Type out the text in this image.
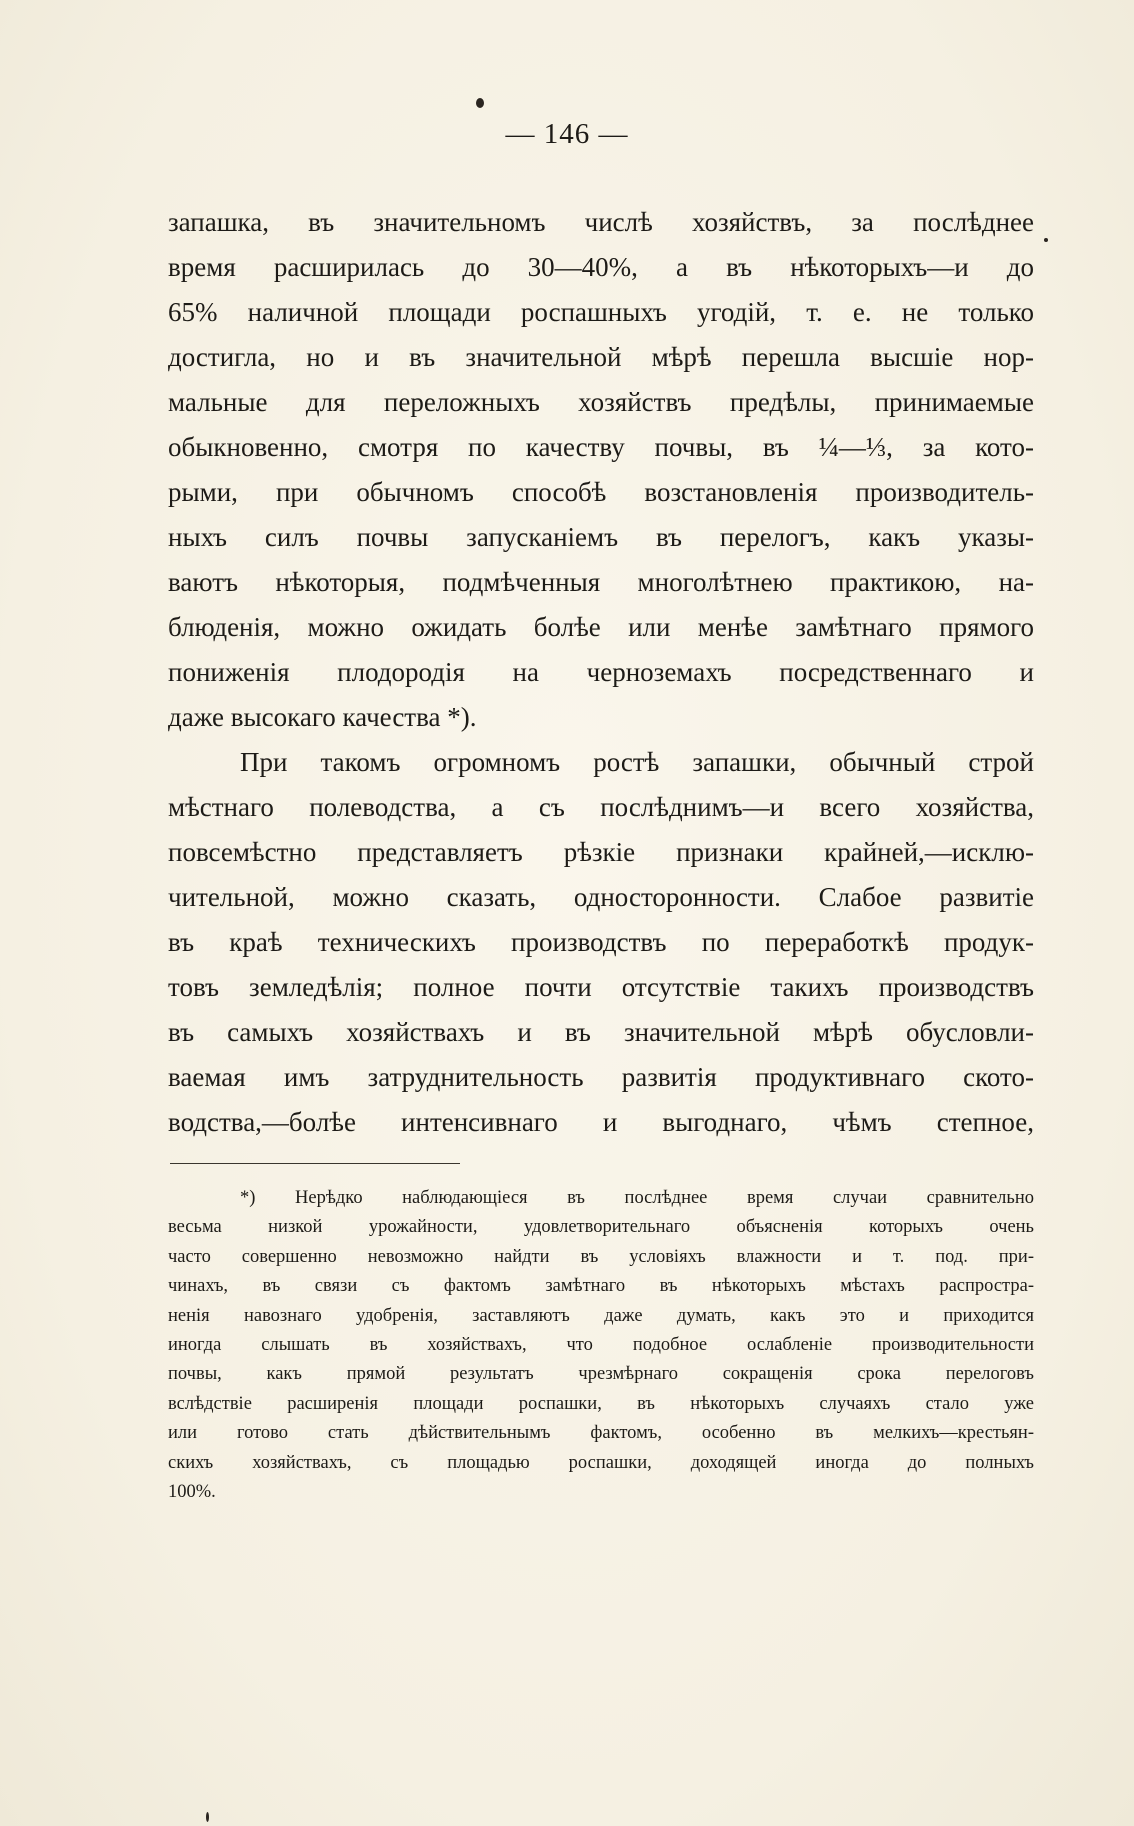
— 146 —
запашка, въ значительномъ числѣ хозяйствъ, за послѣднее
время расширилась до 30—40%, а въ нѣкоторыхъ—и до
65% наличной площади роспашныхъ угодій, т. е. не только
достигла, но и въ значительной мѣрѣ перешла высшіе нор-
мальные для переложныхъ хозяйствъ предѣлы, принимаемые
обыкновенно, смотря по качеству почвы, въ ¼—⅓, за кото-
рыми, при обычномъ способѣ возстановленія производитель-
ныхъ силъ почвы запусканіемъ въ перелогъ, какъ указы-
ваютъ нѣкоторыя, подмѣченныя многолѣтнею практикою, на-
блюденія, можно ожидать болѣе или менѣе замѣтнаго прямого
пониженія плодородія на черноземахъ посредственнаго и
даже высокаго качества *).
При такомъ огромномъ ростѣ запашки, обычный строй
мѣстнаго полеводства, а съ послѣднимъ—и всего хозяйства,
повсемѣстно представляетъ рѣзкіе признаки крайней,—исклю-
чительной, можно сказать, односторонности. Слабое развитіе
въ краѣ техническихъ производствъ по переработкѣ продук-
товъ земледѣлія; полное почти отсутствіе такихъ производствъ
въ самыхъ хозяйствахъ и въ значительной мѣрѣ обусловли-
ваемая имъ затруднительность развитія продуктивнаго ското-
водства,—болѣе интенсивнаго и выгоднаго, чѣмъ степное,
*) Нерѣдко наблюдающіеся въ послѣднее время случаи сравнительно
весьма низкой урожайности, удовлетворительнаго объясненія которыхъ очень
часто совершенно невозможно найдти въ условіяхъ влажности и т. под. при-
чинахъ, въ связи съ фактомъ замѣтнаго въ нѣкоторыхъ мѣстахъ распростра-
ненія навознаго удобренія, заставляютъ даже думать, какъ это и приходится
иногда слышать въ хозяйствахъ, что подобное ослабленіе производительности
почвы, какъ прямой результатъ чрезмѣрнаго сокращенія срока перелоговъ
вслѣдствіе расширенія площади роспашки, въ нѣкоторыхъ случаяхъ стало уже
или готово стать дѣйствительнымъ фактомъ, особенно въ мелкихъ—крестьян-
скихъ хозяйствахъ, съ площадью роспашки, доходящей иногда до полныхъ
100%.
